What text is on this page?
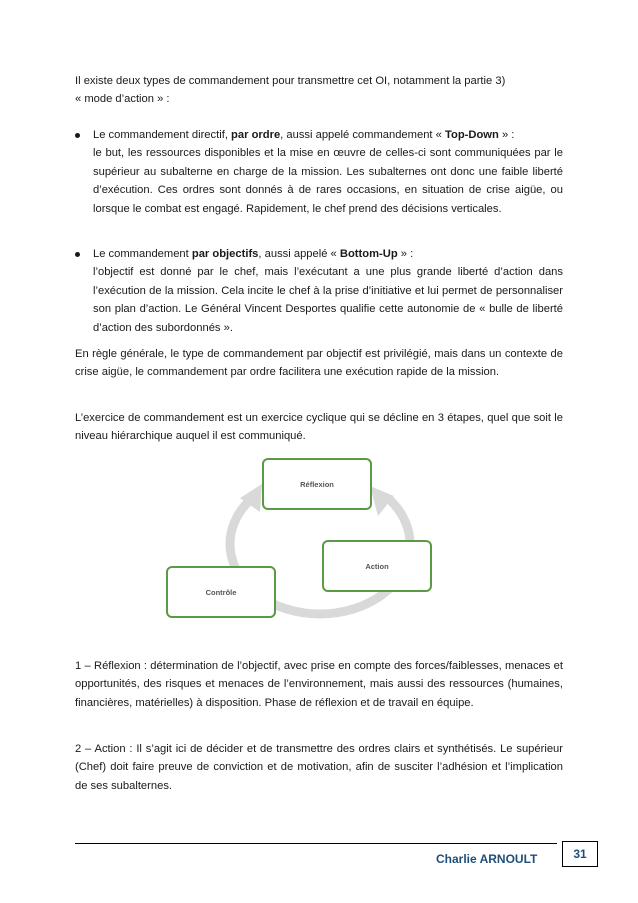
Il existe deux types de commandement pour transmettre cet OI, notamment la partie 3)
« mode d’action » :
Le commandement directif, par ordre, aussi appelé commandement « Top-Down » :
le but, les ressources disponibles et la mise en œuvre de celles-ci sont communiquées par le supérieur au subalterne en charge de la mission. Les subalternes ont donc une faible liberté d’exécution. Ces ordres sont donnés à de rares occasions, en situation de crise aigüe, ou lorsque le combat est engagé. Rapidement, le chef prend des décisions verticales.
Le commandement par objectifs, aussi appelé « Bottom-Up » :
l’objectif est donné par le chef, mais l’exécutant a une plus grande liberté d’action dans l’exécution de la mission. Cela incite le chef à la prise d’initiative et lui permet de personnaliser son plan d’action. Le Général Vincent Desportes qualifie cette autonomie de « bulle de liberté d’action des subordonnés ».
En règle générale, le type de commandement par objectif est privilégié, mais dans un contexte de crise aigüe, le commandement par ordre facilitera une exécution rapide de la mission.
L’exercice de commandement est un exercice cyclique qui se décline en 3 étapes, quel que soit le niveau hiérarchique auquel il est communiqué.
Réflexion
Action
Contrôle
1 – Réflexion : détermination de l’objectif, avec prise en compte des forces/faiblesses, menaces et opportunités, des risques et menaces de l’environnement, mais aussi des ressources (humaines, financières, matérielles) à disposition. Phase de réflexion et de travail en équipe.
2 – Action : Il s’agit ici de décider et de transmettre des ordres clairs et synthétisés. Le supérieur (Chef) doit faire preuve de conviction et de motivation, afin de susciter l’adhésion et l’implication de ses subalternes.
Charlie ARNOULT	31
